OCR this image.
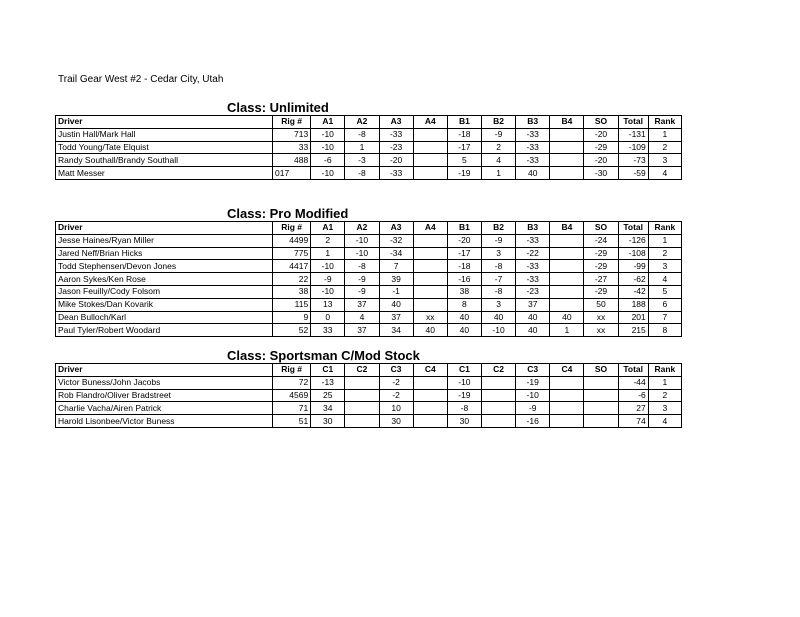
Trail Gear West #2 - Cedar City, Utah
Class: Unlimited
Driver	Rig #	A1	A2	A3	A4	B1	B2	B3	B4	SO	Total	Rank
Justin Hall/Mark Hall	713	-10	-8	-33		-18	-9	-33		-20	-131	1
Todd Young/Tate Elquist	33	-10	1	-23		-17	2	-33		-29	-109	2
Randy Southall/Brandy Southall	488	-6	-3	-20		5	4	-33		-20	-73	3
Matt Messer	017	-10	-8	-33		-19	1	40		-30	-59	4
Class: Pro Modified
Driver	Rig #	A1	A2	A3	A4	B1	B2	B3	B4	SO	Total	Rank
Jesse Haines/Ryan Miller	4499	2	-10	-32		-20	-9	-33		-24	-126	1
Jared Neff/Brian Hicks	775	1	-10	-34		-17	3	-22		-29	-108	2
Todd Stephensen/Devon Jones	4417	-10	-8	7		-18	-8	-33		-29	-99	3
Aaron Sykes/Ken Rose	22	-9	-9	39		-16	-7	-33		-27	-62	4
Jason Feuilly/Cody Folsom	38	-10	-9	-1		38	-8	-23		-29	-42	5
Mike Stokes/Dan Kovarik	115	13	37	40		8	3	37		50	188	6
Dean Bulloch/Karl	9	0	4	37	xx	40	40	40	40	xx	201	7
Paul Tyler/Robert Woodard	52	33	37	34	40	40	-10	40	1	xx	215	8
Class: Sportsman C/Mod Stock
Driver	Rig #	C1	C2	C3	C4	C1	C2	C3	C4	SO	Total	Rank
Victor Buness/John Jacobs	72	-13		-2		-10		-19			-44	1
Rob Flandro/Oliver Bradstreet	4569	25		-2		-19		-10			-6	2
Charlie Vacha/Airen Patrick	71	34		10		-8		-9			27	3
Harold Lisonbee/Victor Buness	51	30		30		30		-16			74	4
